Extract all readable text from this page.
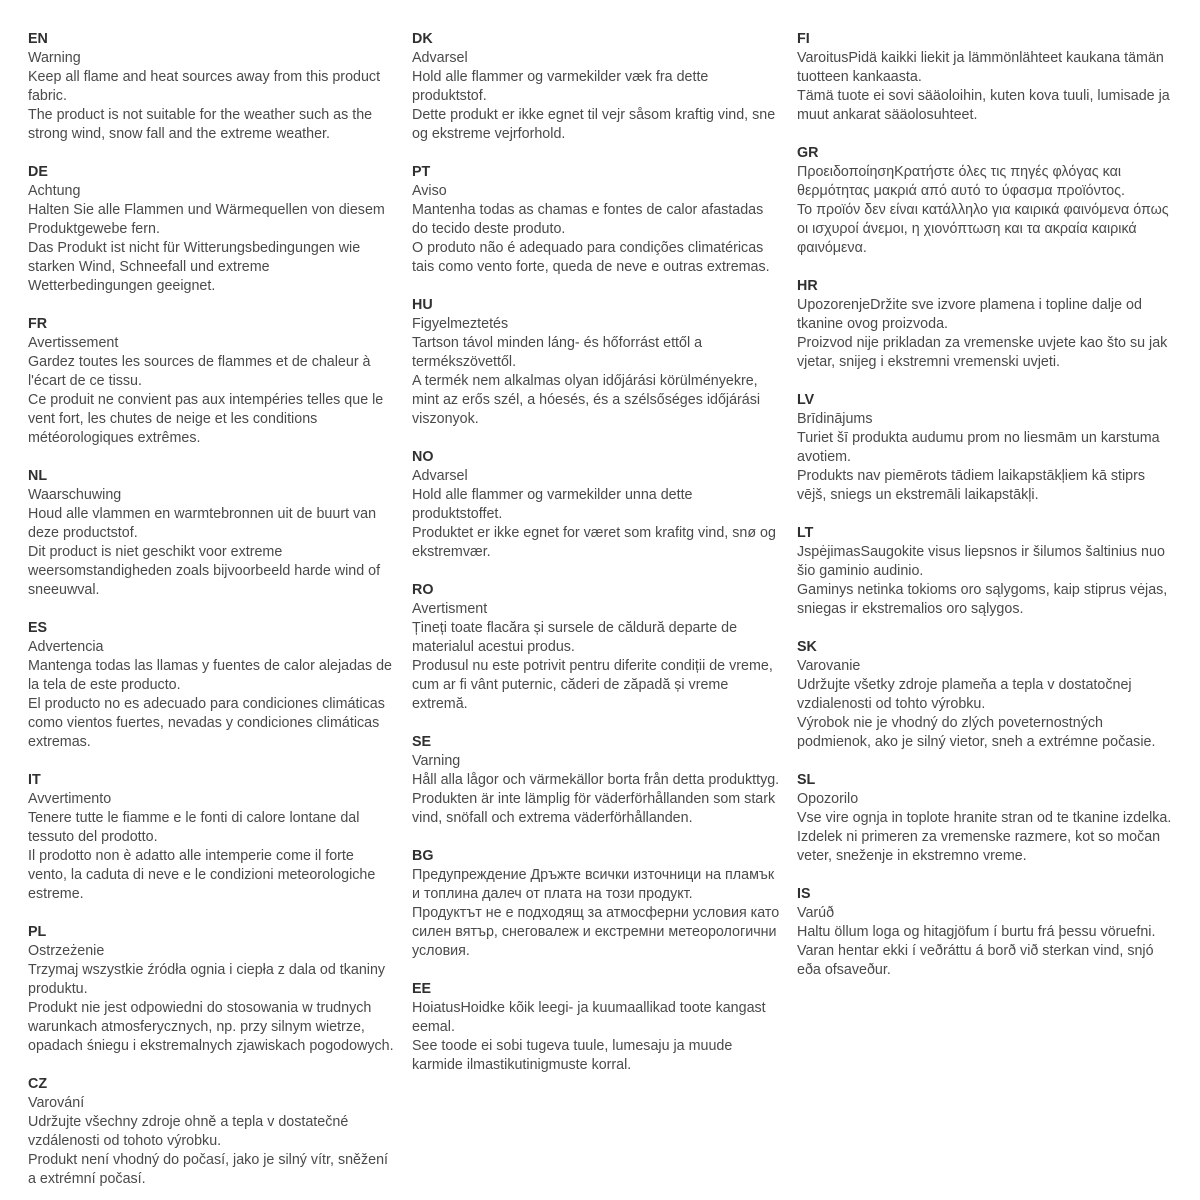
EN

Warning

Keep all flame and heat sources away from this product fabric.

The product is not suitable for the weather such as the strong wind, snow fall and the extreme weather.

DE

Achtung

Halten Sie alle Flammen und Wärmequellen von diesem Produktgewebe fern.

Das Produkt ist nicht für Witterungsbedingungen wie starken Wind, Schneefall und extreme Wetterbedingungen geeignet.

FR

Avertissement

Gardez toutes les sources de flammes et de chaleur à l'écart de ce tissu.

Ce produit ne convient pas aux intempéries telles que le vent fort, les chutes de neige et les conditions météorologiques extrêmes.

NL

Waarschuwing

Houd alle vlammen en warmtebronnen uit de buurt van deze productstof.

Dit product is niet geschikt voor extreme weersomstandigheden zoals bijvoorbeeld harde wind of sneeuwval.

ES

Advertencia

Mantenga todas las llamas y fuentes de calor alejadas de la tela de este producto.

El producto no es adecuado para condiciones climáticas como vientos fuertes, nevadas y condiciones climáticas extremas.

IT

Avvertimento

Tenere tutte le fiamme e le fonti di calore lontane dal tessuto del prodotto.

Il prodotto non è adatto alle intemperie come il forte vento, la caduta di neve e le condizioni meteorologiche estreme.

PL

Ostrzeżenie

Trzymaj wszystkie źródła ognia i ciepła z dala od tkaniny produktu.

Produkt nie jest odpowiedni do stosowania w trudnych warunkach atmosferycznych, np. przy silnym wietrze, opadach śniegu i ekstremalnych zjawiskach pogodowych.

CZ

Varování

Udržujte všechny zdroje ohně a tepla v dostatečné vzdálenosti od tohoto výrobku.

Produkt není vhodný do počasí, jako je silný vítr, sněžení a extrémní počasí.

DK

Advarsel

Hold alle flammer og varmekilder væk fra dette produktstof.

Dette produkt er ikke egnet til vejr såsom kraftig vind, sne og ekstreme vejrforhold.

PT

Aviso

Mantenha todas as chamas e fontes de calor afastadas do tecido deste produto.

O produto não é adequado para condições climatéricas tais como vento forte, queda de neve e outras extremas.

HU

Figyelmeztetés

Tartson távol minden láng- és hőforrást ettől a termékszövettől.

A termék nem alkalmas olyan időjárási körülményekre, mint az erős szél, a hóesés, és a szélsőséges időjárási viszonyok.

NO

Advarsel

Hold alle flammer og varmekilder unna dette produktstoffet.

Produktet er ikke egnet for været som krafitg vind, snø og ekstremvær.

RO

Avertisment

Țineți toate flacăra și sursele de căldură departe de materialul acestui produs.

Produsul nu este potrivit pentru diferite condiții de vreme, cum ar fi vânt puternic, căderi de zăpadă și vreme extremă.

SE

Varning

Håll alla lågor och värmekällor borta från detta produkttyg.

Produkten är inte lämplig för väderförhållanden som stark vind, snöfall och extrema väderförhållanden.

BG

Предупреждение Дръжте всички източници на пламък и топлина далеч от плата на този продукт.

Продуктът не е подходящ за атмосферни условия като силен вятър, снеговалеж и екстремни метеорологични условия.

EE

HoiatusHoidke kõik leegi- ja kuumaallikad toote kangast eemal.

See toode ei sobi tugeva tuule, lumesaju ja muude karmide ilmastikutinigmuste korral.

FI

VaroitusPidä kaikki liekit ja lämmönlähteet kaukana tämän tuotteen kankaasta.

Tämä tuote ei sovi sääoloihin, kuten kova tuuli, lumisade ja muut ankarat sääolosuhteet.

GR

ΠροειδοποίησηΚρατήστε όλες τις πηγές φλόγας και θερμότητας μακριά από αυτό το ύφασμα προϊόντος.

Το προϊόν δεν είναι κατάλληλο για καιρικά φαινόμενα όπως οι ισχυροί άνεμοι, η χιονόπτωση και τα ακραία καιρικά φαινόμενα.

HR

UpozorenjeDržite sve izvore plamena i topline dalje od tkanine ovog proizvoda.

Proizvod nije prikladan za vremenske uvjete kao što su jak vjetar, snijeg i ekstremni vremenski uvjeti.

LV

Brīdinājums

Turiet šī produkta audumu prom no liesmām un karstuma avotiem.

Produkts nav piemērots tādiem laikapstākļiem kā stiprs vējš, sniegs un ekstremāli laikapstākļi.

LT

JspėjimasSaugokite visus liepsnos ir šilumos šaltinius nuo šio gaminio audinio.

Gaminys netinka tokioms oro sąlygoms, kaip stiprus vėjas, sniegas ir ekstremalios oro sąlygos.

SK

Varovanie

Udržujte všetky zdroje plameňa a tepla v dostatočnej vzdialenosti od tohto výrobku.

Výrobok nie je vhodný do zlých poveternostných podmienok, ako je silný vietor, sneh a extrémne počasie.

SL

Opozorilo

Vse vire ognja in toplote hranite stran od te tkanine izdelka.

Izdelek ni primeren za vremenske razmere, kot so močan veter, sneženje in ekstremno vreme.

IS

Varúð

Haltu öllum loga og hitagjöfum í burtu frá þessu vöruefni.

Varan hentar ekki í veðráttu á borð við sterkan vind, snjó eða ofsaveður.
